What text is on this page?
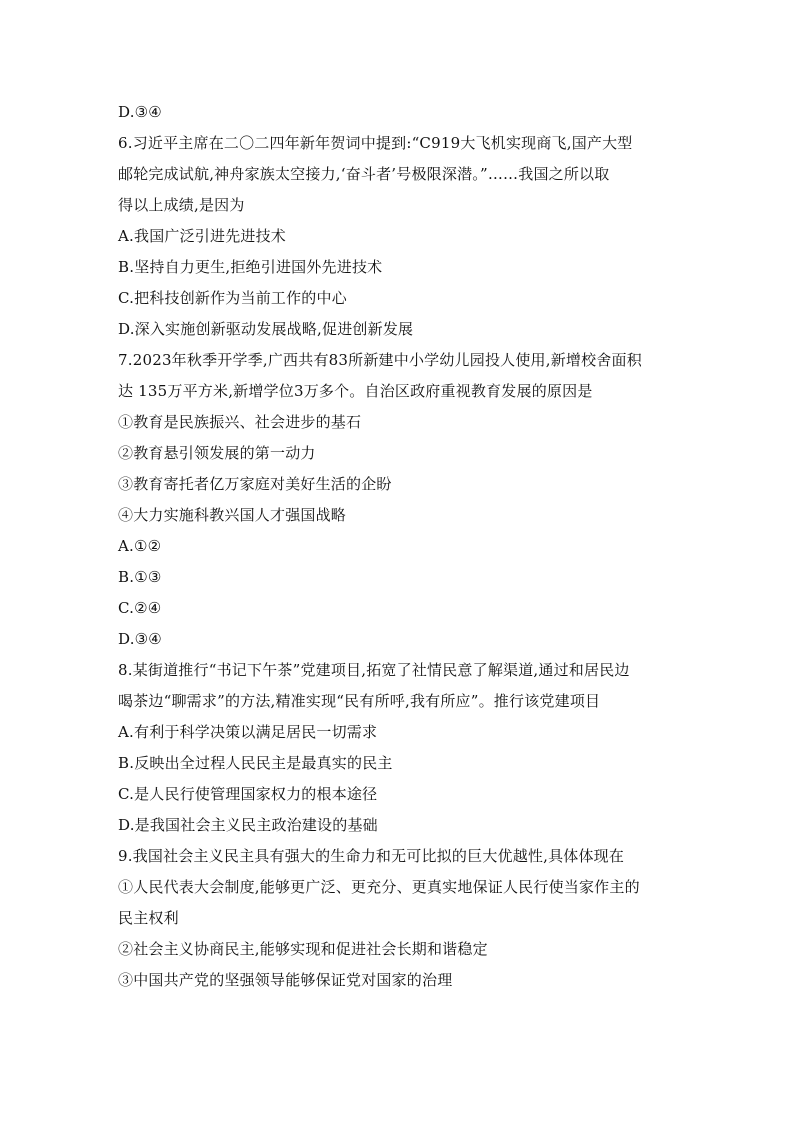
D.③④
6.习近平主席在二〇二四年新年贺词中提到:“C919大飞机实现商飞,国产大型
邮轮完成试航,神舟家族太空接力,‘奋斗者’号极限深潜。”……我国之所以取
得以上成绩,是因为
A.我国广泛引进先进技术
B.坚持自力更生,拒绝引进国外先进技术
C.把科技创新作为当前工作的中心
D.深入实施创新驱动发展战略,促进创新发展
7.2023年秋季开学季,广西共有83所新建中小学幼儿园投人使用,新增校舍面积
达 135万平方米,新增学位3万多个。自治区政府重视教育发展的原因是
①教育是民族振兴、社会进步的基石
②教育悬引领发展的第一动力
③教育寄托者亿万家庭对美好生活的企盼
④大力实施科教兴国人才强国战略
A.①②
B.①③
C.②④
D.③④
8.某街道推行“书记下午茶”党建项目,拓宽了社情民意了解渠道,通过和居民边
喝茶边“聊需求”的方法,精准实现“民有所呼,我有所应”。推行该党建项目
A.有利于科学决策以满足居民一切需求
B.反映出全过程人民民主是最真实的民主
C.是人民行使管理国家权力的根本途径
D.是我国社会主义民主政治建设的基础
9.我国社会主义民主具有强大的生命力和无可比拟的巨大优越性,具体体现在
①人民代表大会制度,能够更广泛、更充分、更真实地保证人民行使当家作主的
民主权利
②社会主义协商民主,能够实现和促进社会长期和谐稳定
③中国共产党的坚强领导能够保证党对国家的治理
